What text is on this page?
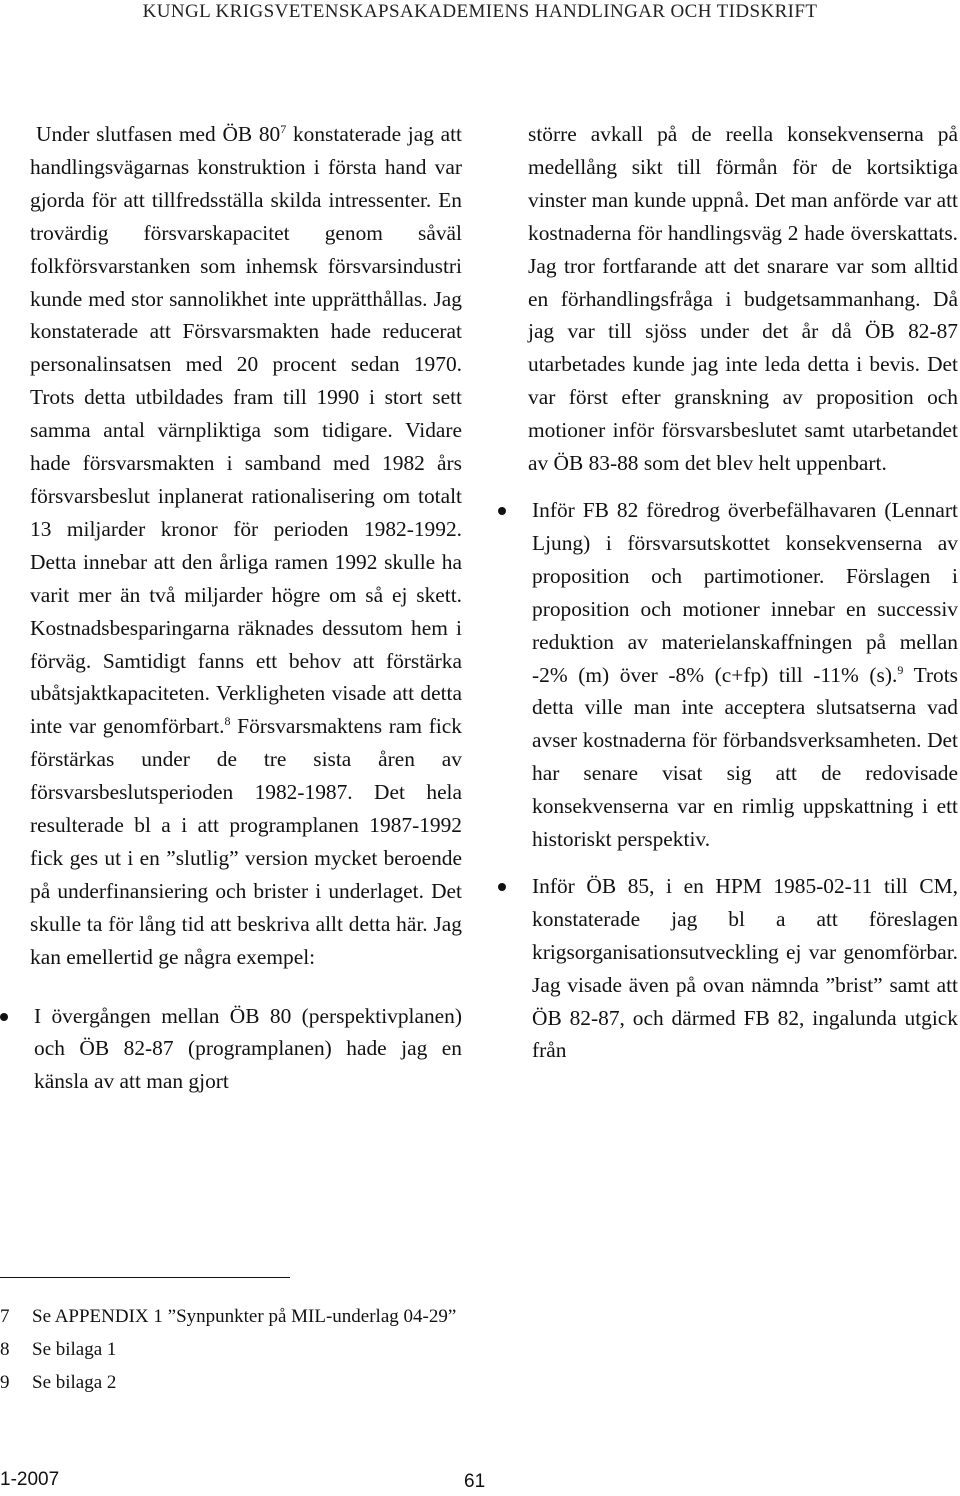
KUNGL KRIGSVETENSKAPSAKADEMIENS HANDLINGAR OCH TIDSKRIFT

Under slutfasen med ÖB $80^7$ konstaterade jag att handlingsvägarnas konstruktion i första hand var gjorda för att tillfredsställa skilda intressenter. En trovärdig försvarskapacitet genom såväl folkförsvarstanken som inhemsk försvarsindustri kunde med stor sannolikhet inte upprätthållas. Jag konstaterade att Försvarsmakten hade reducerat personalinsatsen med 20 procent sedan 1970. Trots detta utbildades fram till 1990 i stort sett samma antal värnpliktiga som tidigare. Vidare hade försvarsmakten i samband med 1982 års försvarsbeslut inplanerat rationalisering om totalt 13 miljarder kronor för perioden 1982-1992. Detta innebar att den årliga ramen 1992 skulle ha varit mer än två miljarder högre om så ej skett. Kostnadsbesparingarna räknades dessutom hem i förväg. Samtidigt fanns ett behov att förstärka ubåtsjaktkapaciteten. Verkligheten visade att detta inte var genomförbart.$^8$ Försvarsmaktens ram fick förstärkas under de tre sista åren av försvarsbeslutsperioden 1982-1987. Det hela resulterade bl a i att programplanen 1987-1992 fick ges ut i en ”slutlig” version mycket beroende på underfinansiering och brister i underlaget. Det skulle ta för lång tid att beskriva allt detta här. Jag kan emellertid ge några exempel:

I övergången mellan ÖB 80 (perspektivplanen) och ÖB 82-87 (programplanen) hade jag en känsla av att man gjort

större avkall på de reella konsekvenserna på medellång sikt till förmån för de kortsiktiga vinster man kunde uppnå. Det man anförde var att kostnaderna för handlingsväg 2 hade överskattats. Jag tror fortfarande att det snarare var som alltid en förhandlingsfråga i budgetsammanhang. Då jag var till sjöss under det år då ÖB 82-87 utarbetades kunde jag inte leda detta i bevis. Det var först efter granskning av proposition och motioner inför försvarsbeslutet samt utarbetandet av ÖB 83-88 som det blev helt uppenbart.

Inför FB 82 föredrog överbefälhavaren (Lennart Ljung) i försvarsutskottet konsekvenserna av proposition och partimotioner. Förslagen i proposition och motioner innebar en successiv reduktion av materielanskaffningen på mellan -2% (m) över -8% (c+fp) till -11% (s).$^9$ Trots detta ville man inte acceptera slutsatserna vad avser kostnaderna för förbandsverksamheten. Det har senare visat sig att de redovisade konsekvenserna var en rimlig uppskattning i ett historiskt perspektiv.
Inför ÖB 85, i en HPM 1985-02-11 till CM, konstaterade jag bl a att föreslagen krigsorganisationsutveckling ej var genomförbar. Jag visade även på ovan nämnda ”brist” samt att ÖB 82-87, och därmed FB 82, ingalunda utgick från
7	Se APPENDIX 1 ”Synpunkter på MIL-underlag 04-29”
8	Se bilaga 1
9	Se bilaga 2
1-2007	61
